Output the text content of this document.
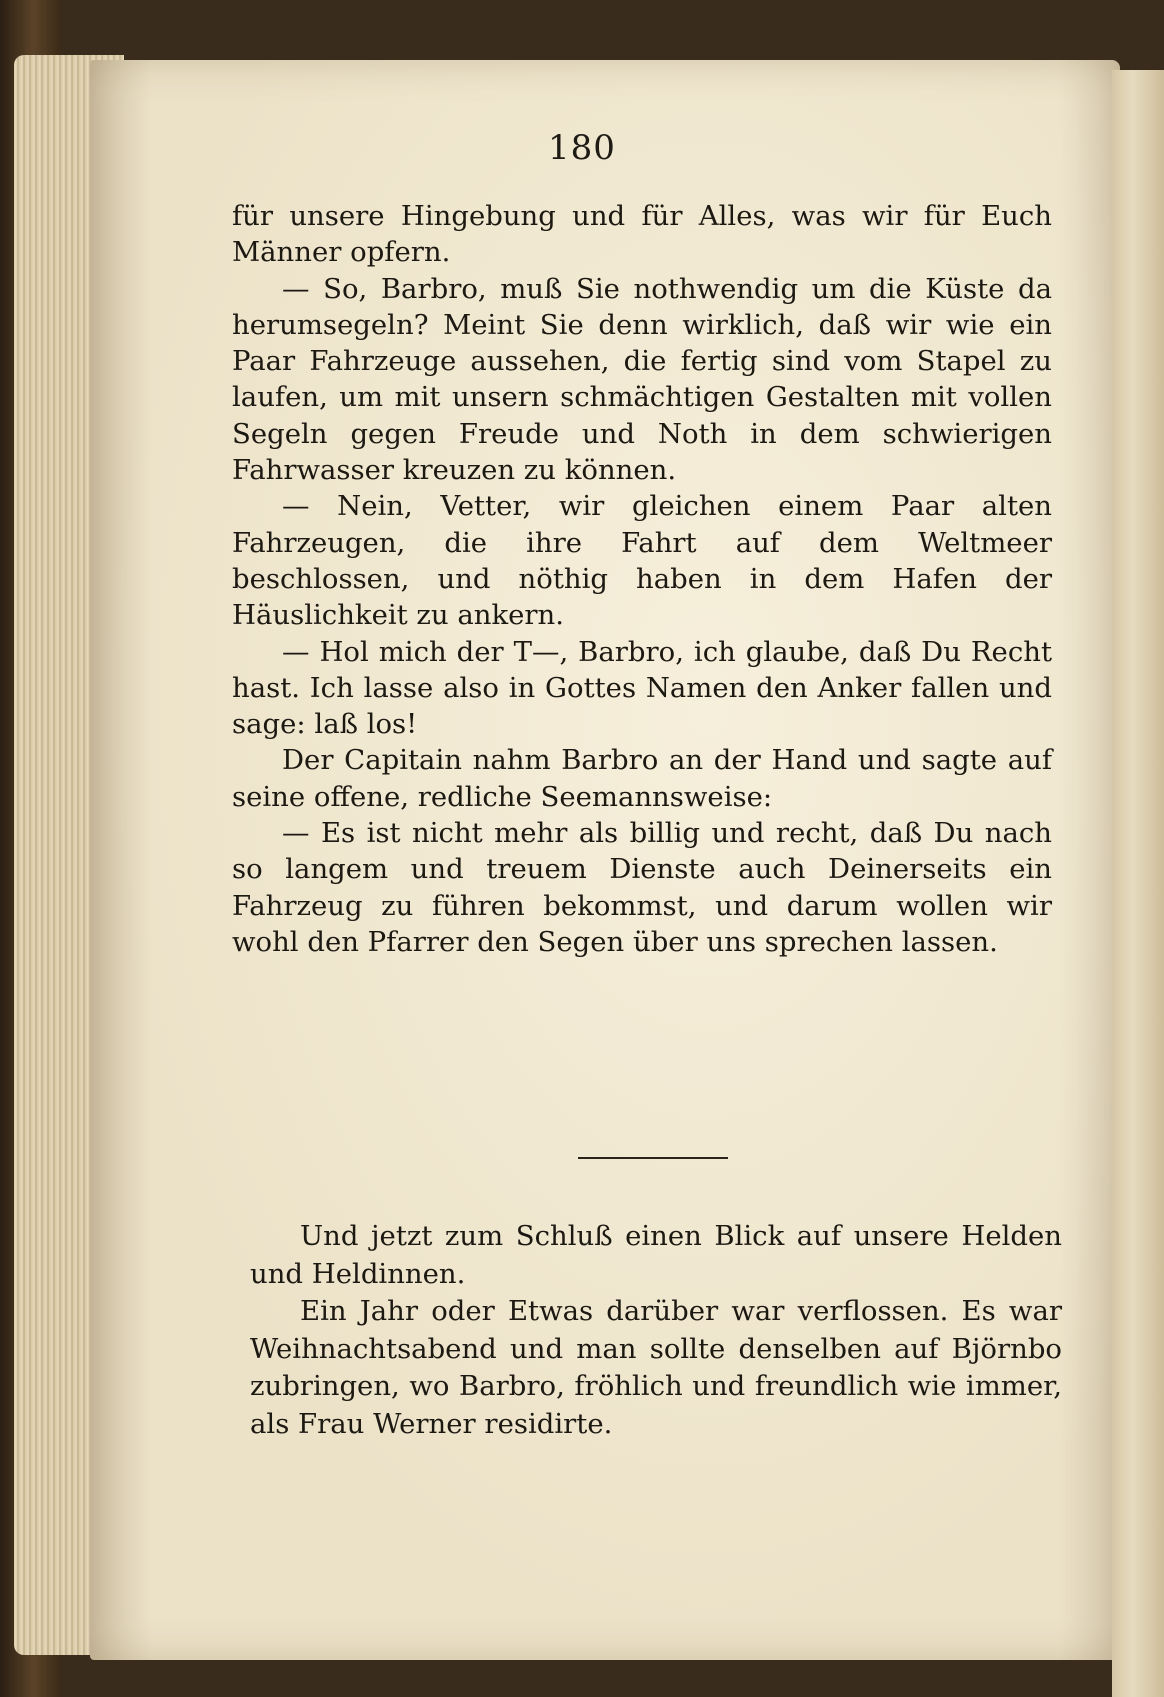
180

für unsere Hingebung und für Alles, was wir für Euch Männer opfern.

— So, Barbro, muß Sie nothwendig um die Küste da herumsegeln? Meint Sie denn wirklich, daß wir wie ein Paar Fahrzeuge aussehen, die fertig sind vom Stapel zu laufen, um mit unsern schmächtigen Gestalten mit vollen Segeln gegen Freude und Noth in dem schwierigen Fahrwasser kreuzen zu können.

— Nein, Vetter, wir gleichen einem Paar alten Fahrzeugen, die ihre Fahrt auf dem Weltmeer beschlossen, und nöthig haben in dem Hafen der Häuslichkeit zu ankern.

— Hol mich der T—, Barbro, ich glaube, daß Du Recht hast. Ich lasse also in Gottes Namen den Anker fallen und sage: laß los!

Der Capitain nahm Barbro an der Hand und sagte auf seine offene, redliche Seemannsweise:

— Es ist nicht mehr als billig und recht, daß Du nach so langem und treuem Dienste auch Deinerseits ein Fahrzeug zu führen bekommst, und darum wollen wir wohl den Pfarrer den Segen über uns sprechen lassen.

Und jetzt zum Schluß einen Blick auf unsere Helden und Heldinnen.

Ein Jahr oder Etwas darüber war verflossen. Es war Weihnachtsabend und man sollte denselben auf Björnbo zubringen, wo Barbro, fröhlich und freundlich wie immer, als Frau Werner residirte.
